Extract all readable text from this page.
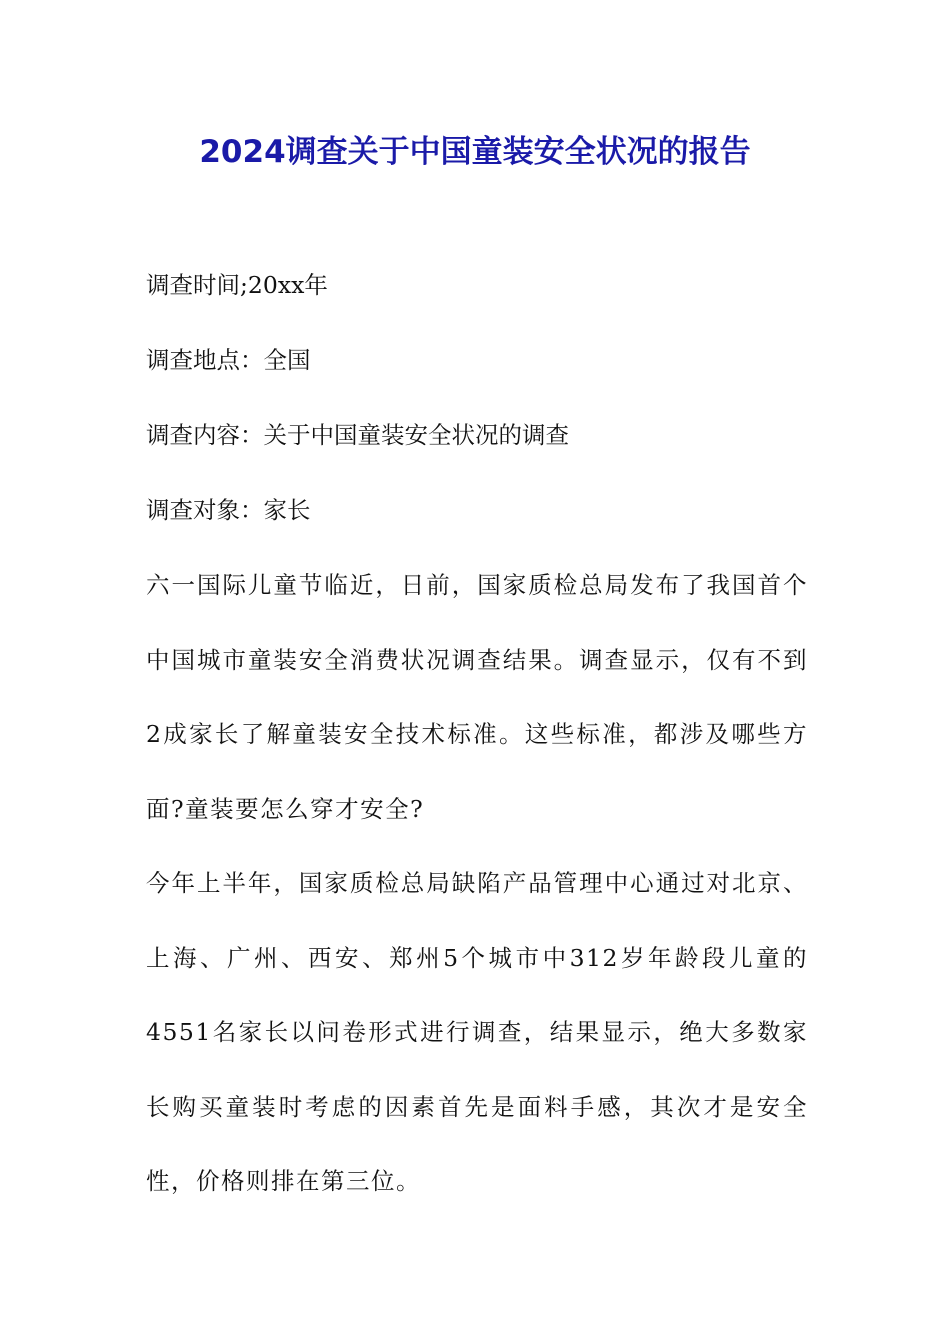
2024调查关于中国童装安全状况的报告
调查时间;20xx年
调查地点：全国
调查内容：关于中国童装安全状况的调查
调查对象：家长

六一国际儿童节临近，日前，国家质检总局发布了我国首个中国城市童装安全消费状况调查结果。调查显示，仅有不到2成家长了解童装安全技术标准。这些标准，都涉及哪些方面?童装要怎么穿才安全?

今年上半年，国家质检总局缺陷产品管理中心通过对北京、上海、广州、西安、郑州5个城市中312岁年龄段儿童的4551名家长以问卷形式进行调查，结果显示，绝大多数家长购买童装时考虑的因素首先是面料手感，其次才是安全性，价格则排在第三位。
